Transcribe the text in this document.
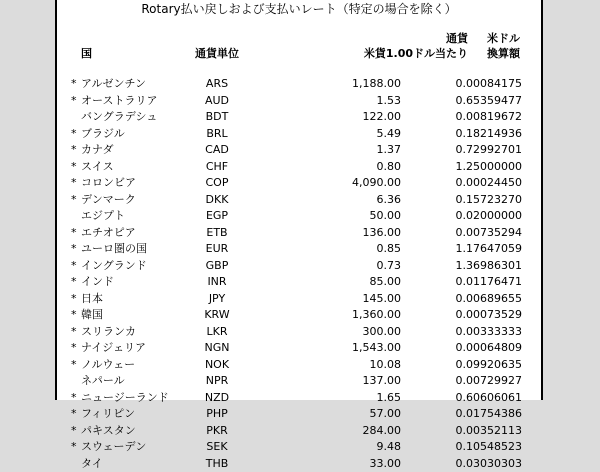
Rotary払い戻しおよび支払いレート（特定の場合を除く）
通貨 米ドル
国	通貨単位	米貨1.00ドル当たり 換算額
* アルゼンチン	ARS	1,188.00	0.00084175
* オーストラリア	AUD	1.53	0.65359477
バングラデシュ	BDT	122.00	0.00819672
* ブラジル	BRL	5.49	0.18214936
* カナダ	CAD	1.37	0.72992701
* スイス	CHF	0.80	1.25000000
* コロンビア	COP	4,090.00	0.00024450
* デンマーク	DKK	6.36	0.15723270
エジプト	EGP	50.00	0.02000000
* エチオピア	ETB	136.00	0.00735294
* ユーロ圏の国	EUR	0.85	1.17647059
* イングランド	GBP	0.73	1.36986301
* インド	INR	85.00	0.01176471
* 日本	JPY	145.00	0.00689655
* 韓国	KRW	1,360.00	0.00073529
* スリランカ	LKR	300.00	0.00333333
* ナイジェリア	NGN	1,543.00	0.00064809
* ノルウェー	NOK	10.08	0.09920635
ネパール	NPR	137.00	0.00729927
* ニュージーランド	NZD	1.65	0.60606061
* フィリピン	PHP	57.00	0.01754386
* パキスタン	PKR	284.00	0.00352113
* スウェーデン	SEK	9.48	0.10548523
タイ	THB	33.00	0.03030303
